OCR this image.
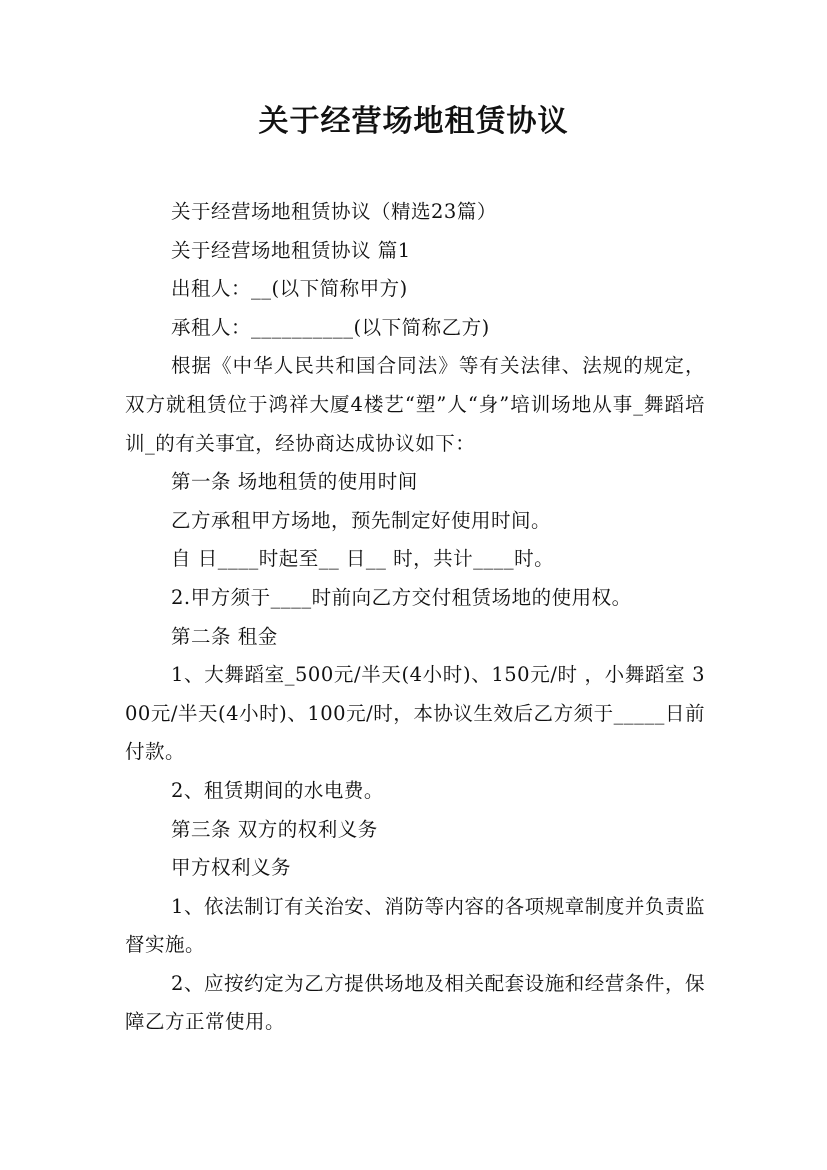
关于经营场地租赁协议

关于经营场地租赁协议（精选23篇）

关于经营场地租赁协议 篇1

出租人：__(以下简称甲方)

承租人：__________(以下简称乙方)

根据《中华人民共和国合同法》等有关法律、法规的规定，双方就租赁位于鸿祥大厦4楼艺“塑”人“身”培训场地从事_舞蹈培训_的有关事宜，经协商达成协议如下：

第一条 场地租赁的使用时间

乙方承租甲方场地，预先制定好使用时间。

自 日____时起至__ 日__ 时，共计____时。

2.甲方须于____时前向乙方交付租赁场地的使用权。

第二条 租金

1、大舞蹈室_500元/半天(4小时)、150元/时 ，小舞蹈室 300元/半天(4小时)、100元/时，本协议生效后乙方须于_____日前付款。

2、租赁期间的水电费。

第三条 双方的权利义务

甲方权利义务

1、依法制订有关治安、消防等内容的各项规章制度并负责监督实施。

2、应按约定为乙方提供场地及相关配套设施和经营条件，保障乙方正常使用。
